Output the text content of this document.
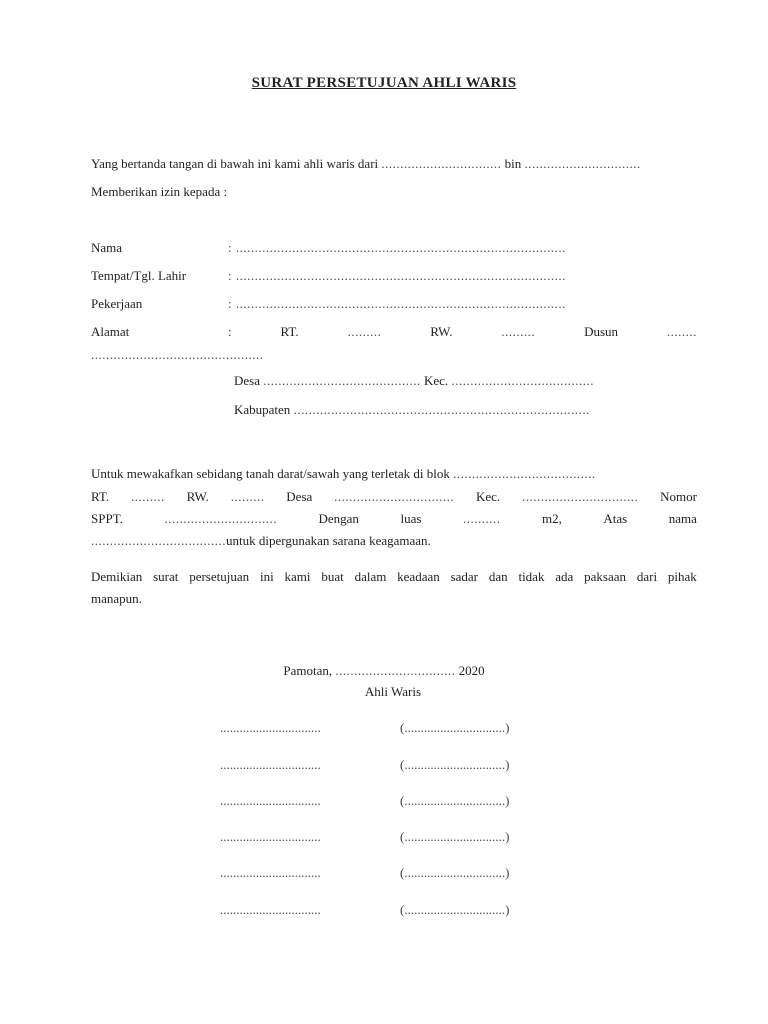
SURAT PERSETUJUAN AHLI WARIS
Yang bertanda tangan di bawah ini kami ahli waris dari ................................ bin ...............................
Memberikan izin kepada :
Nama	: ........................................................................................
Tempat/Tgl. Lahir	: ........................................................................................
Pekerjaan	: ........................................................................................
Alamat	:	RT.	.........	RW.	.........	Dusun	........
..............................................
Desa .......................................... Kec. ......................................
Kabupaten ...............................................................................
Untuk mewakafkan sebidang tanah darat/sawah yang terletak di blok ......................................
RT. ......... RW. ......... Desa ................................ Kec. ............................... Nomor
SPPT.	..............................	Dengan	luas	..........	m2,	Atas	nama
....................................untuk dipergunakan sarana keagamaan.
Demikian surat persetujuan ini kami buat dalam keadaan sadar dan tidak ada paksaan dari pihak
manapun.
Pamotan, ................................ 2020
Ahli Waris
...............................	(...............................)
...............................	(...............................)
...............................	(...............................)
...............................	(...............................)
...............................	(...............................)
...............................	(...............................)
